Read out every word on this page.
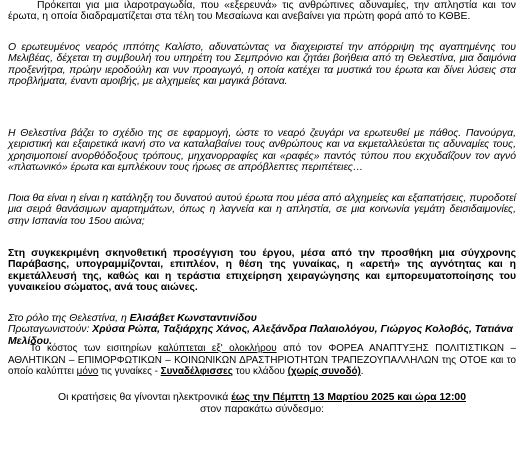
Πρόκειται για μια ιλαροτραγωδία, που «εξερευνά» τις ανθρώπινες αδυναμίες, την απληστία και τον έρωτα, η οποία διαδραματίζεται στα τέλη του Μεσαίωνα και ανεβαίνει για πρώτη φορά από το ΚΘΒΕ.

Ο ερωτευμένος νεαρός ιππότης Καλίστο, αδυνατώντας να διαχειριστεί την απόρριψη της αγαπημένης του Μελιβέας, δέχεται τη συμβουλή του υπηρέτη του Σεμπρόνιο και ζητάει βοήθεια από τη Θελεστίνα, μια δαιμόνια προξενήτρα, πρώην ιεροδούλη και νυν προαγωγό, η οποία κατέχει τα μυστικά του έρωτα και δίνει λύσεις στα προβλήματα, έναντι αμοιβής, με αλχημείες και μαγικά βότανα.

Η Θελεστίνα βάζει το σχέδιο της σε εφαρμογή, ώστε το νεαρό ζευγάρι να ερωτευθεί με πάθος. Πανούργα, χειριστική και εξαιρετικά ικανή στο να καταλαβαίνει τους ανθρώπους και να εκμεταλλεύεται τις αδυναμίες τους, χρησιμοποιεί ανορθόδοξους τρόπους, μηχανορραφίες και «ραφές» παντός τύπου που εκχυδαΐζουν τον αγνό «πλατωνικό» έρωτα και εμπλέκουν τους ήρωες σε απρόβλεπτες περιπέτειες…

Ποια θα είναι η είναι η κατάληξη του δυνατού αυτού έρωτα που μέσα από αλχημείες και εξαπατήσεις, πυροδοτεί μια σειρά θανάσιμων αμαρτημάτων, όπως η λαγνεία και η απληστία, σε μια κοινωνία γεμάτη δεισιδαιμονίες, στην Ισπανία του 15ου αιώνα;

Στη συγκεκριμένη σκηνοθετική προσέγγιση του έργου, μέσα από την προσθήκη μια σύγχρονης Παράβασης, υπογραμμίζονται, επιπλέον, η θέση της γυναίκας, η «αρετή» της αγνότητας και η εκμετάλλευσή της, καθώς και η τεράστια επιχείρηση χειραγώγησης και εμπορευματοποίησης του γυναικείου σώματος, ανά τους αιώνες.

Στο ρόλο της Θελεστίνα, η Ελισάβετ Κωνσταντινίδου
Πρωταγωνιστούν: Χρύσα Ρώπα, Ταξιάρχης Χάνος, Αλεξάνδρα Παλαιολόγου, Γιώργος Κολοβός, Τατιάνα Μελίδου.

Το κόστος των εισιτηρίων καλύπτεται εξ' ολοκλήρου από τον ΦΟΡΕΑ ΑΝΑΠΤΥΞΗΣ ΠΟΛΙΤΙΣΤΙΚΩΝ – ΑΘΛΗΤΙΚΩΝ – ΕΠΙΜΟΡΦΩΤΙΚΩΝ – ΚΟΙΝΩΝΙΚΩΝ ΔΡΑΣΤΗΡΙΟΤΗΤΩΝ ΤΡΑΠΕΖΟΥΠΑΛΛΗΛΩΝ της ΟΤΟΕ και το οποίο καλύπτει μόνο τις γυναίκες - Συναδέλφισσες του κλάδου (χωρίς συνοδό).

Οι κρατήσεις θα γίνονται ηλεκτρονικά έως την Πέμπτη 13 Μαρτίου 2025 και ώρα 12:00
στον παρακάτω σύνδεσμο:
